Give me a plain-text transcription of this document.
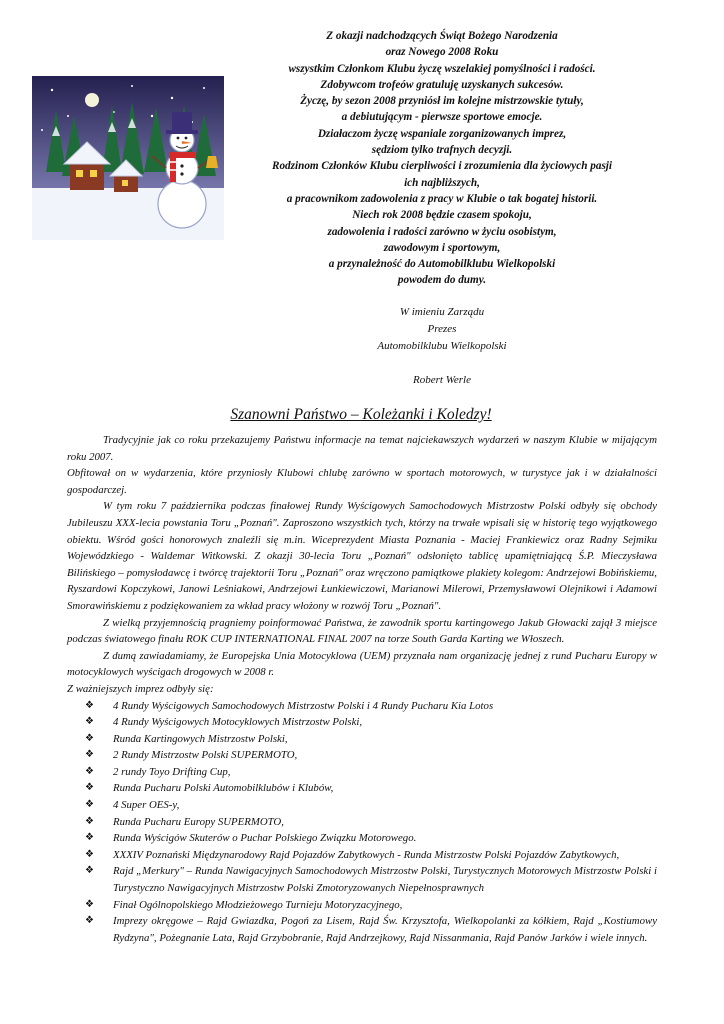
Z okazji nadchodzących Świąt Bożego Narodzenia
oraz Nowego 2008 Roku
wszystkim Członkom Klubu życzę wszelakiej pomyślności i radości.
Zdobywcom trofeów gratuluję uzyskanych sukcesów.
Życzę, by sezon 2008 przyniósł im kolejne mistrzowskie tytuły,
a debiutującym - pierwsze sportowe emocje.
Działaczom życzę wspaniale zorganizowanych imprez,
sędziom tylko trafnych decyzji.
Rodzinom Członków Klubu cierpliwości i zrozumienia dla życiowych pasji
ich najbliższych,
a pracownikom zadowolenia z pracy w Klubie o tak bogatej historii.
Niech rok 2008 będzie czasem spokoju,
zadowolenia i radości zarówno w życiu osobistym,
zawodowym i sportowym,
a przynależność do Automobilklubu Wielkopolski
powodem do dumy.
W imieniu Zarządu
Prezes
Automobilklubu Wielkopolski
Robert Werle
Szanowni Państwo – Koleżanki i Koledzy!

Tradycyjnie jak co roku przekazujemy Państwu informacje na temat najciekawszych wydarzeń w naszym Klubie w mijającym roku 2007.

Obfitował on w wydarzenia, które przyniosły Klubowi chlubę zarówno w sportach motorowych, w turystyce jak i w działalności gospodarczej.

W tym roku 7 października podczas finałowej Rundy Wyścigowych Samochodowych Mistrzostw Polski odbyły się obchody Jubileuszu XXX-lecia powstania Toru „Poznań". Zaproszono wszystkich tych, którzy na trwałe wpisali się w historię tego wyjątkowego obiektu. Wśród gości honorowych znaleźli się m.in. Wiceprezydent Miasta Poznania - Maciej Frankiewicz oraz Radny Sejmiku Wojewódzkiego - Waldemar Witkowski. Z okazji 30-lecia Toru „Poznań" odsłonięto tablicę upamiętniającą Ś.P. Mieczysława Bilińskiego – pomysłodawcę i twórcę trajektorii Toru „Poznań" oraz wręczono pamiątkowe plakiety kolegom: Andrzejowi Bobińskiemu, Ryszardowi Kopczykowi, Janowi Leśniakowi, Andrzejowi Łunkiewiczowi, Marianowi Milerowi, Przemysławowi Olejnikowi i Adamowi Smorawińskiemu z podziękowaniem za wkład pracy włożony w rozwój Toru „Poznań".

Z wielką przyjemnością pragniemy poinformować Państwa, że zawodnik sportu kartingowego Jakub Głowacki zajął 3 miejsce podczas światowego finału ROK CUP INTERNATIONAL FINAL 2007 na torze South Garda Karting we Włoszech.

Z dumą zawiadamiamy, że Europejska Unia Motocyklowa (UEM) przyznała nam organizację jednej z rund Pucharu Europy w motocyklowych wyścigach drogowych w 2008 r.

Z ważniejszych imprez odbyły się:

❖ 4 Rundy Wyścigowych Samochodowych Mistrzostw Polski i 4 Rundy Pucharu Kia Lotos
❖ 4 Rundy Wyścigowych Motocyklowych Mistrzostw Polski,
❖ Runda Kartingowych Mistrzostw Polski,
❖ 2 Rundy Mistrzostw Polski SUPERMOTO,
❖ 2 rundy Toyo Drifting Cup,
❖ Runda Pucharu Polski Automobilklubów i Klubów,
❖ 4 Super OES-y,
❖ Runda Pucharu Europy SUPERMOTO,
❖ Runda Wyścigów Skuterów o Puchar Polskiego Związku Motorowego.
❖ XXXIV Poznański Międzynarodowy Rajd Pojazdów Zabytkowych - Runda Mistrzostw Polski Pojazdów Zabytkowych,
❖ Rajd „Merkury" – Runda Nawigacyjnych Samochodowych Mistrzostw Polski, Turystycznych Motorowych Mistrzostw Polski i Turystyczno Nawigacyjnych Mistrzostw Polski Zmotoryzowanych Niepełnosprawnych
❖ Finał Ogólnopolskiego Młodzieżowego Turnieju Motoryzacyjnego,
❖ Imprezy okręgowe – Rajd Gwiazdka, Pogoń za Lisem, Rajd Św. Krzysztofa, Wielkopolanki za kółkiem, Rajd „Kostiumowy Rydzyna", Pożegnanie Lata, Rajd Grzybobranie, Rajd Andrzejkowy, Rajd Nissanmania, Rajd Panów Jarków i wiele innych.
